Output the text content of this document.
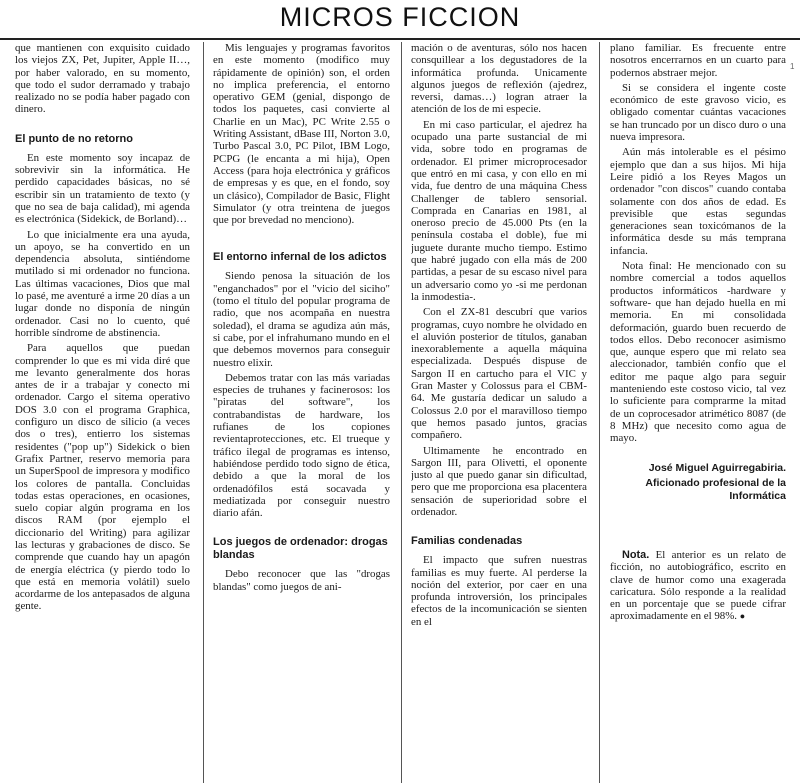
MICROS FICCION
1

que mantienen con exquisito cuidado los viejos ZX, Pet, Jupiter, Apple II…, por haber valorado, en su momento, que todo el sudor derramado y trabajo realizado no se podía haber pagado con dinero.

El punto de no retorno

En este momento soy incapaz de sobrevivir sin la informática. He perdido capacidades básicas, no sé escribir sin un tratamiento de texto (y que no sea de baja calidad), mi agenda es electrónica (Sidekick, de Borland)…

Lo que inicialmente era una ayuda, un apoyo, se ha convertido en un dependencia absoluta, sintiéndome mutilado si mi ordenador no funciona. Las últimas vacaciones, Dios que mal lo pasé, me aventuré a irme 20 días a un lugar donde no disponía de ningún ordenador. Casi no lo cuento, qué horrible síndrome de abstinencia.

Para aquellos que puedan comprender lo que es mi vida diré que me levanto generalmente dos horas antes de ir a trabajar y conecto mi ordenador. Cargo el sitema operativo DOS 3.0 con el programa Graphica, configuro un disco de silicio (a veces dos o tres), entierro los sistemas residentes ("pop up") Sidekick o bien Grafix Partner, reservo memoria para un SuperSpool de impresora y modifico los colores de pantalla. Concluidas todas estas operaciones, en ocasiones, suelo copiar algún programa en los discos RAM (por ejemplo el diccionario del Writing) para agilizar las lecturas y grabaciones de disco. Se comprende que cuando hay un apagón de energía eléctrica (y pierdo todo lo que está en memoria volátil) suelo acordarme de los antepasados de alguna gente.

Mis lenguajes y programas favoritos en este momento (modifico muy rápidamente de opinión) son, el orden no implica preferencia, el entorno operativo GEM (genial, dispongo de todos los paquetes, casi convierte al Charlie en un Mac), PC Write 2.55 o Writing Assistant, dBase III, Norton 3.0, Turbo Pascal 3.0, PC Pilot, IBM Logo, PCPG (le encanta a mi hija), Open Access (para hoja electrónica y gráficos de empresas y es que, en el fondo, soy un clásico), Compilador de Basic, Flight Simulator (y otra treintena de juegos que por brevedad no menciono).

El entorno infernal de los adictos

Siendo penosa la situación de los "enganchados" por el "vicio del siciho" (tomo el título del popular programa de radio, que nos acompaña en nuestra soledad), el drama se agudiza aún más, si cabe, por el infrahumano mundo en el que debemos movernos para conseguir nuestro elixir.

Debemos tratar con las más variadas especies de truhanes y facinerosos: los "piratas del software", los contrabandistas de hardware, los rufianes de los copiones revientaprotecciones, etc. El trueque y tráfico ilegal de programas es intenso, habiéndose perdido todo signo de ética, debido a que la moral de los ordenadófilos está socavada y mediatizada por conseguir nuestro diario afán.

Los juegos de ordenador: drogas blandas

Debo reconocer que las "drogas blandas" como juegos de ani-

mación o de aventuras, sólo nos hacen consquillear a los degustadores de la informática profunda. Unicamente algunos juegos de reflexión (ajedrez, reversi, damas…) logran atraer la atención de los de mi especie.

En mi caso particular, el ajedrez ha ocupado una parte sustancial de mi vida, sobre todo en programas de ordenador. El primer microprocesador que entró en mi casa, y con ello en mi vida, fue dentro de una máquina Chess Challenger de tablero sensorial. Comprada en Canarias en 1981, al oneroso precio de 45.000 Pts (en la península costaba el doble), fue mi juguete durante mucho tiempo. Estimo que habré jugado con ella más de 200 partidas, a pesar de su escaso nivel para un adversario como yo -si me perdonan la inmodestia-.

Con el ZX-81 descubrí que varios programas, cuyo nombre he olvidado en el aluvión posterior de títulos, ganaban inexorablemente a aquella máquina especializada. Después dispuse de Sargon II en cartucho para el VIC y Gran Master y Colossus para el CBM-64. Me gustaría dedicar un saludo a Colossus 2.0 por el maravilloso tiempo que hemos pasado juntos, gracias compañero.

Ultimamente he encontrado en Sargon III, para Olivetti, el oponente justo al que puedo ganar sin dificultad, pero que me proporciona esa placentera sensación de superioridad sobre el ordenador.

Familias condenadas

El impacto que sufren nuestras familias es muy fuerte. Al perderse la noción del exterior, por caer en una profunda introversión, los principales efectos de la incomunicación se sienten en el

plano familiar. Es frecuente entre nosotros encerrarnos en un cuarto para podernos abstraer mejor.

Si se considera el ingente coste económico de este gravoso vicio, es obligado comentar cuántas vacaciones se han truncado por un disco duro o una nueva impresora.

Aún más intolerable es el pésimo ejemplo que dan a sus hijos. Mi hija Leire pidió a los Reyes Magos un ordenador "con discos" cuando contaba solamente con dos años de edad. Es previsible que estas segundas generaciones sean toxicómanos de la informática desde su más temprana infancia.

Nota final: He mencionado con su nombre comercial a todos aquellos productos informáticos -hardware y software- que han dejado huella en mi memoria. En mi consolidada deformación, guardo buen recuerdo de todos ellos. Debo reconocer asimismo que, aunque espero que mi relato sea aleccionador, también confío que el editor me paque algo para seguir manteniendo este costoso vicio, tal vez lo suficiente para comprarme la mitad de un coprocesador atrimético 8087 (de 8 MHz) que necesito como agua de mayo.

José Miguel Aguirregabiria.

Aficionado profesional de la Informática

Nota. El anterior es un relato de ficción, no autobiográfico, escrito en clave de humor como una exagerada caricatura. Sólo responde a la realidad en un porcentaje que se puede cifrar aproximadamente en el 98%. ●
